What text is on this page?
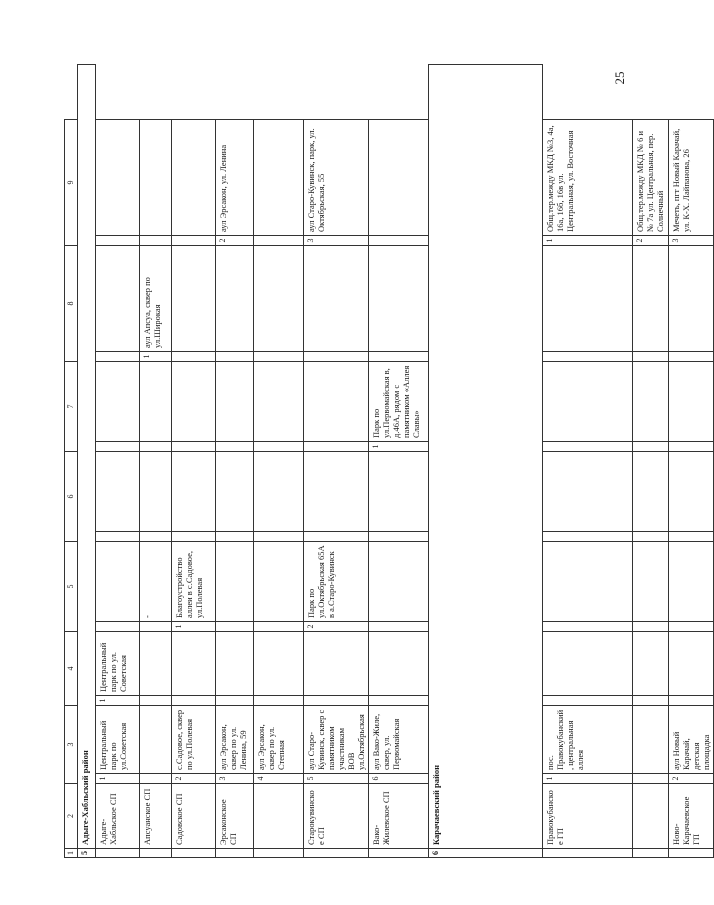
25
1	2	3		4		5		6		7		8		9	
5	Адыге-Хабльский район														
	Адыге-Хабльское СП	1	Центральный парк по ул.Советская	1	Центральный парк по ул. Советская										
	Апсуанское СП						-					1	аул Апсуа, сквер по ул.Широкая		
	Садовское СП	2	с.Садовое, сквер по ул.Полевая			1	Благоустройство аллеи в с.Садовое, ул.Полевая								
	Эрсаконское СП	3	аул Эрсакон, сквер по ул. Ленина, 59											2	аул Эрсакон, ул. Ленина
		4	аул Эрсакон, сквер по ул. Степная												
	Старокувинское СП	5	аул Старо-Кувинск, сквер с памятником участникам ВОВ ул.Октябрьская			2	Парк по ул.Октябрьская 65А в а.Старо-Кувинск							3	аул Старо-Кувинск, парк, ул. Октябрьская, 55
	Вако-Жилевское СП	6	аул Вако-Жиле, сквер, ул. Первомайская							1	Парк по ул.Первомайская в, д.46А, рядом с памятником «Аллея Славы»				
6	Карачаевский район														
	Правокубанское ГП	1	пос. Правокубанский, центральная аллея											1	Общ.тер.между МКД №3, 4а, 16а, 16б, 16в ул. Центральная, ул. Восточная
														2	Общ.тер.между МКД № 6 и № 7а ул. Центральная, пер. Солнечный
	Ново-Карачаевское ГП	2	аул Новый Карачай, детская площадка											3	Мечеть, пгт Новый Карачай, ул. К-Х. Лайпанова, 26
